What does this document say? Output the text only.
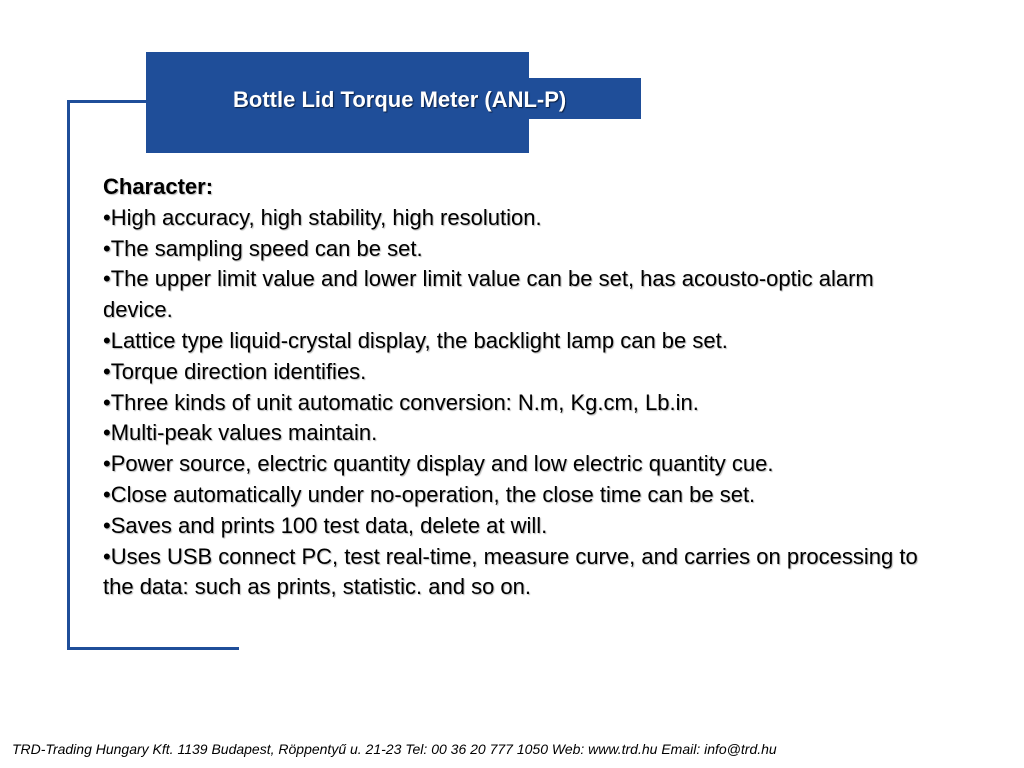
Bottle Lid Torque Meter (ANL-P)

Character:

•High accuracy, high stability, high resolution.
•The sampling speed can be set.
•The upper limit value and lower limit value can be set, has acousto-optic alarm device.
•Lattice type liquid-crystal display, the backlight lamp can be set.
•Torque direction identifies.
•Three kinds of unit automatic conversion: N.m, Kg.cm, Lb.in.
•Multi-peak values maintain.
•Power source, electric quantity display and low electric quantity cue.
•Close automatically under no-operation, the close time can be set.
•Saves and prints 100 test data, delete at will.
•Uses USB connect PC, test real-time, measure curve, and carries on processing to the data: such as prints, statistic. and so on.
TRD-Trading Hungary Kft. 1139 Budapest, Röppentyű u. 21-23 Tel: 00 36 20 777 1050 Web: www.trd.hu Email: info@trd.hu
